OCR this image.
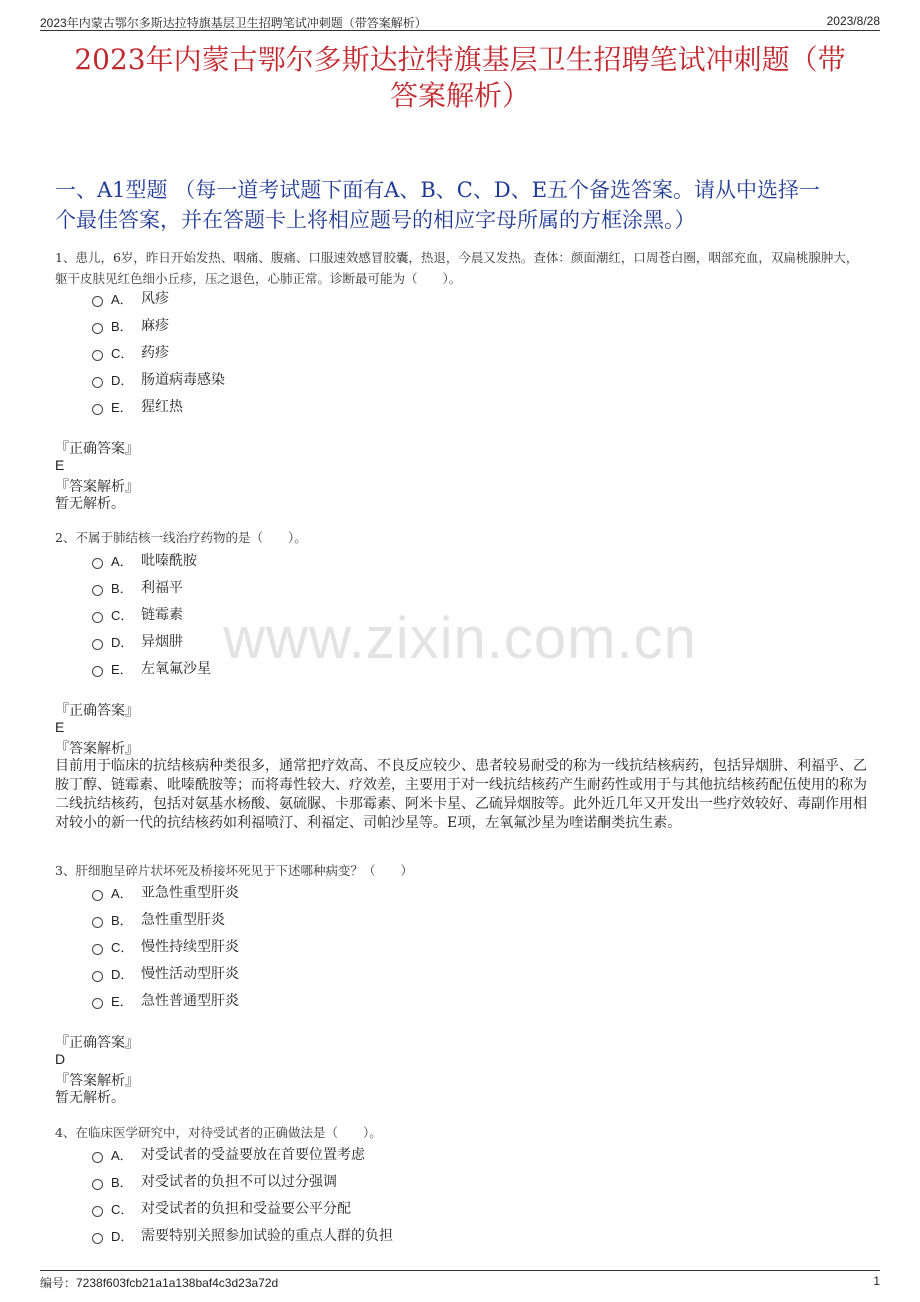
2023年内蒙古鄂尔多斯达拉特旗基层卫生招聘笔试冲刺题（带答案解析）	2023/8/28
2023年内蒙古鄂尔多斯达拉特旗基层卫生招聘笔试冲刺题（带
答案解析）
一、A1型题 （每一道考试题下面有A、B、C、D、E五个备选答案。请从中选择一
个最佳答案，并在答题卡上将相应题号的相应字母所属的方框涂黑。）
www.zixin.com.cn
1、患儿，6岁，昨日开始发热、咽痛、腹痛、口服速效感冒胶囊，热退，今晨又发热。查体：颜面潮红，口周苍白圈，咽部充血，双扁桃腺肿大，躯干皮肤见红色细小丘疹，压之退色，心肺正常。诊断最可能为（　　）。
A． 风疹
B． 麻疹
C． 药疹
D． 肠道病毒感染
E． 猩红热
『正确答案』
E
『答案解析』
暂无解析。
2、不属于肺结核一线治疗药物的是（　　）。
A． 吡嗪酰胺
B． 利福平
C． 链霉素
D． 异烟肼
E． 左氧氟沙星
『正确答案』
E
『答案解析』
目前用于临床的抗结核病种类很多，通常把疗效高、不良反应较少、患者较易耐受的称为一线抗结核病药，包括异烟肼、利福乎、乙胺丁醇、链霉素、吡嗪酰胺等；而将毒性较大、疗效差，主要用于对一线抗结核药产生耐药性或用于与其他抗结核药配伍使用的称为二线抗结核药，包括对氨基水杨酸、氨硫脲、卡那霉素、阿米卡星、乙硫异烟胺等。此外近几年又开发出一些疗效较好、毒副作用相对较小的新一代的抗结核药如利福喷汀、利福定、司帕沙星等。E项，左氧氟沙星为喹诺酮类抗生素。
3、肝细胞呈碎片状坏死及桥接坏死见于下述哪种病变？（　　）
A． 亚急性重型肝炎
B． 急性重型肝炎
C． 慢性持续型肝炎
D． 慢性活动型肝炎
E． 急性普通型肝炎
『正确答案』
D
『答案解析』
暂无解析。
4、在临床医学研究中，对待受试者的正确做法是（　　）。
A． 对受试者的受益要放在首要位置考虑
B． 对受试者的负担不可以过分强调
C． 对受试者的负担和受益要公平分配
D． 需要特别关照参加试验的重点人群的负担
编号：7238f603fcb21a1a138baf4c3d23a72d	1
